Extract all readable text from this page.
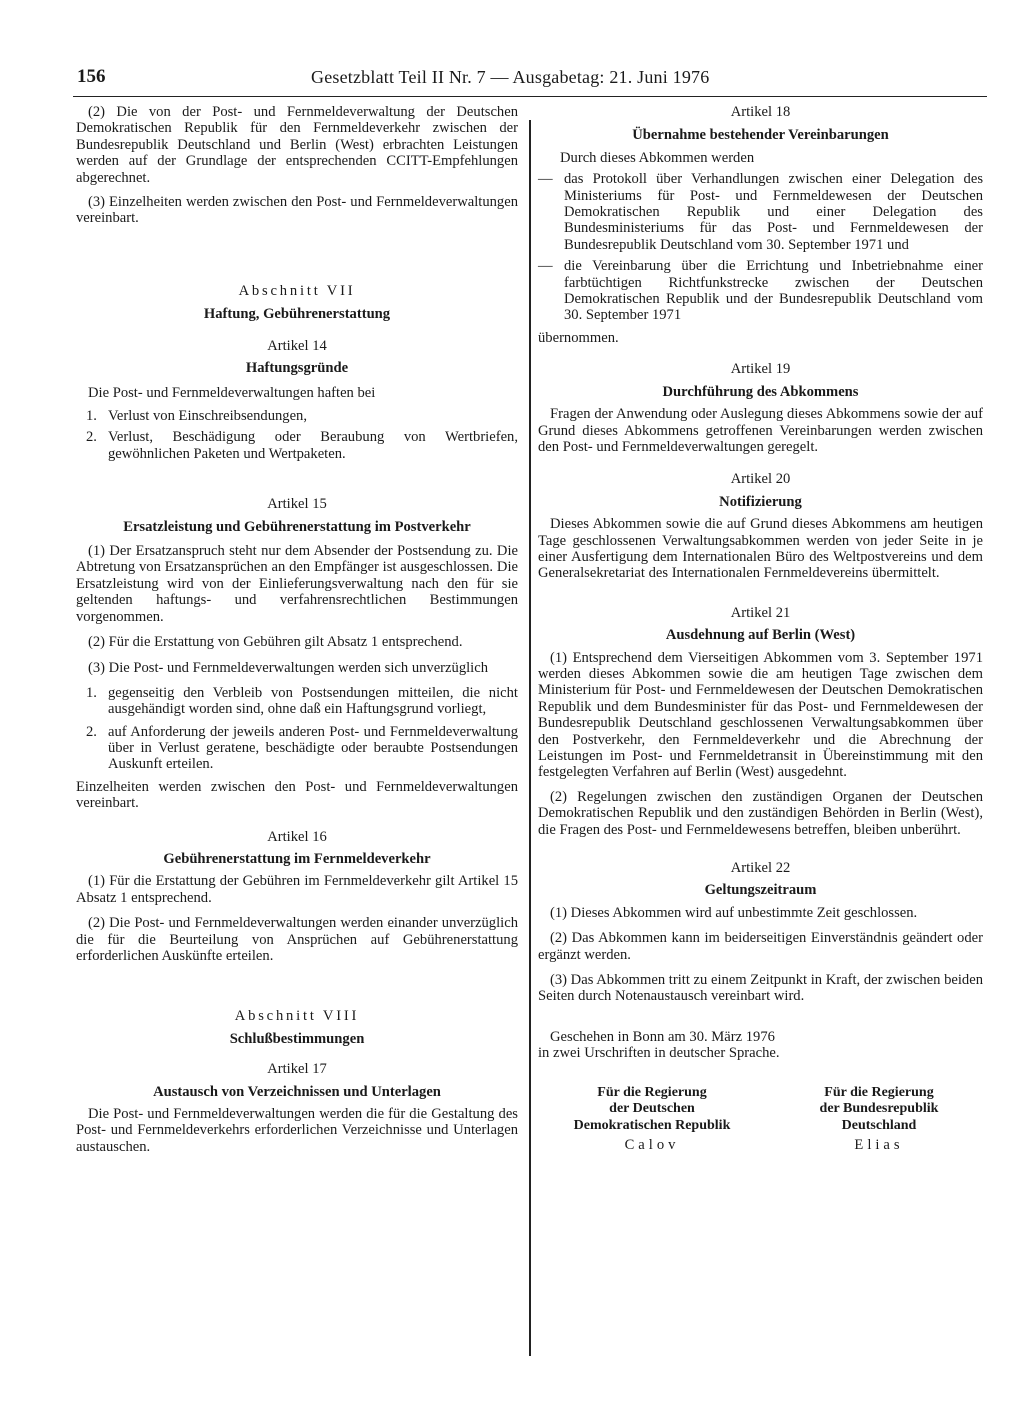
156	Gesetzblatt Teil II Nr. 7 — Ausgabetag: 21. Juni 1976

(2) Die von der Post- und Fernmeldeverwaltung der Deutschen Demokratischen Republik für den Fernmeldeverkehr zwischen der Bundesrepublik Deutschland und Berlin (West) erbrachten Leistungen werden auf der Grundlage der entsprechenden CCITT-Empfehlungen abgerechnet.

(3) Einzelheiten werden zwischen den Post- und Fernmeldeverwaltungen vereinbart.

Abschnitt VII
Haftung, Gebührenerstattung
Artikel 14
Haftungsgründe

Die Post- und Fernmeldeverwaltungen haften bei

1. Verlust von Einschreibsendungen,
2. Verlust, Beschädigung oder Beraubung von Wertbriefen, gewöhnlichen Paketen und Wertpaketen.
Artikel 15
Ersatzleistung und Gebührenerstattung im Postverkehr

(1) Der Ersatzanspruch steht nur dem Absender der Postsendung zu. Die Abtretung von Ersatzansprüchen an den Empfänger ist ausgeschlossen. Die Ersatzleistung wird von der Einlieferungsverwaltung nach den für sie geltenden haftungs- und verfahrensrechtlichen Bestimmungen vorgenommen.

(2) Für die Erstattung von Gebühren gilt Absatz 1 entsprechend.

(3) Die Post- und Fernmeldeverwaltungen werden sich unverzüglich

1. gegenseitig den Verbleib von Postsendungen mitteilen, die nicht ausgehändigt worden sind, ohne daß ein Haftungsgrund vorliegt,
2. auf Anforderung der jeweils anderen Post- und Fernmeldeverwaltung über in Verlust geratene, beschädigte oder beraubte Postsendungen Auskunft erteilen.

Einzelheiten werden zwischen den Post- und Fernmeldeverwaltungen vereinbart.

Artikel 16
Gebührenerstattung im Fernmeldeverkehr

(1) Für die Erstattung der Gebühren im Fernmeldeverkehr gilt Artikel 15 Absatz 1 entsprechend.

(2) Die Post- und Fernmeldeverwaltungen werden einander unverzüglich die für die Beurteilung von Ansprüchen auf Gebührenerstattung erforderlichen Auskünfte erteilen.

Abschnitt VIII
Schlußbestimmungen
Artikel 17
Austausch von Verzeichnissen und Unterlagen

Die Post- und Fernmeldeverwaltungen werden die für die Gestaltung des Post- und Fernmeldeverkehrs erforderlichen Verzeichnisse und Unterlagen austauschen.

Artikel 18
Übernahme bestehender Vereinbarungen

Durch dieses Abkommen werden

— das Protokoll über Verhandlungen zwischen einer Delegation des Ministeriums für Post- und Fernmeldewesen der Deutschen Demokratischen Republik und einer Delegation des Bundesministeriums für das Post- und Fernmeldewesen der Bundesrepublik Deutschland vom 30. September 1971 und
— die Vereinbarung über die Errichtung und Inbetriebnahme einer farbtüchtigen Richtfunkstrecke zwischen der Deutschen Demokratischen Republik und der Bundesrepublik Deutschland vom 30. September 1971

übernommen.

Artikel 19
Durchführung des Abkommens

Fragen der Anwendung oder Auslegung dieses Abkommens sowie der auf Grund dieses Abkommens getroffenen Vereinbarungen werden zwischen den Post- und Fernmeldeverwaltungen geregelt.

Artikel 20
Notifizierung

Dieses Abkommen sowie die auf Grund dieses Abkommens am heutigen Tage geschlossenen Verwaltungsabkommen werden von jeder Seite in je einer Ausfertigung dem Internationalen Büro des Weltpostvereins und dem Generalsekretariat des Internationalen Fernmeldevereins übermittelt.

Artikel 21
Ausdehnung auf Berlin (West)

(1) Entsprechend dem Vierseitigen Abkommen vom 3. September 1971 werden dieses Abkommen sowie die am heutigen Tage zwischen dem Ministerium für Post- und Fernmeldewesen der Deutschen Demokratischen Republik und dem Bundesminister für das Post- und Fernmeldewesen der Bundesrepublik Deutschland geschlossenen Verwaltungsabkommen über den Postverkehr, den Fernmeldeverkehr und die Abrechnung der Leistungen im Post- und Fernmeldetransit in Übereinstimmung mit den festgelegten Verfahren auf Berlin (West) ausgedehnt.

(2) Regelungen zwischen den zuständigen Organen der Deutschen Demokratischen Republik und den zuständigen Behörden in Berlin (West), die Fragen des Post- und Fernmeldewesens betreffen, bleiben unberührt.

Artikel 22
Geltungszeitraum

(1) Dieses Abkommen wird auf unbestimmte Zeit geschlossen.

(2) Das Abkommen kann im beiderseitigen Einverständnis geändert oder ergänzt werden.

(3) Das Abkommen tritt zu einem Zeitpunkt in Kraft, der zwischen beiden Seiten durch Notenaustausch vereinbart wird.

Geschehen in Bonn am 30. März 1976
in zwei Urschriften in deutscher Sprache.
Für die Regierung
der Deutschen
Demokratischen Republik
Calov
Für die Regierung
der Bundesrepublik
Deutschland
Elias
